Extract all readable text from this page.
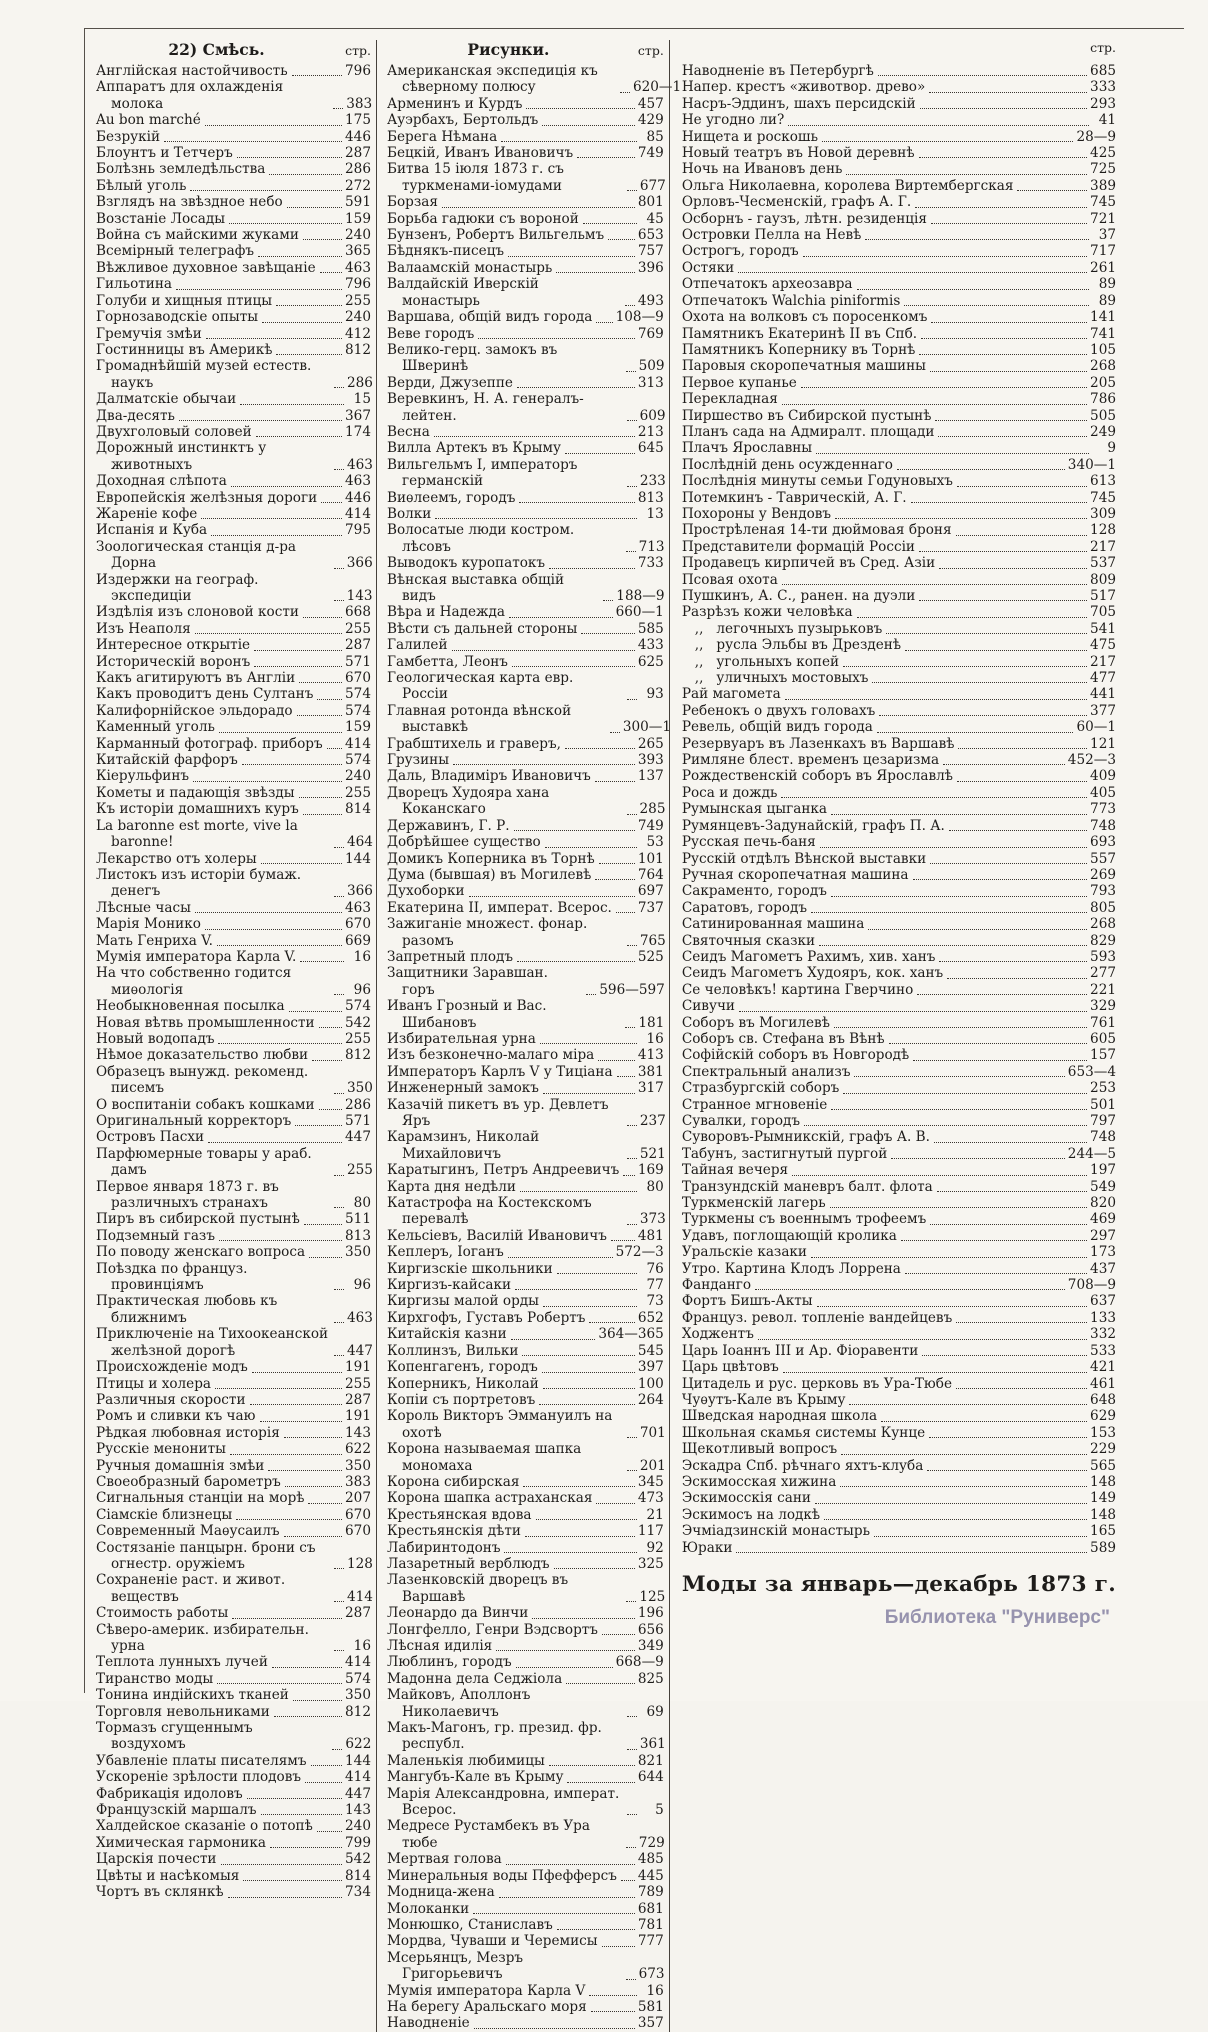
22) Смѣсь.	стр.
Англійская настойчивость	796
Аппаратъ для охлажденія молока	383
Au bon marché	175
Безрукій	446
Блоунтъ и Тетчеръ	287
Болѣзнь земледѣльства	286
Бѣлый уголь	272
Взглядъ на звѣздное небо	591
Возстаніе Лосады	159
Война съ майскими жуками	240
Всемірный телеграфъ	365
Вѣжливое духовное завѣщаніе 463
Гильотина	796
Голуби и хищныя птицы	255
Горнозаводскіе опыты	240
Гремучія змѣи	412
Гостинницы въ Америкѣ	812
Громаднѣйшій музей естеств. наукъ	286
Далматскіе обычаи	15
Два-десять	367
Двухголовый соловей	174
Дорожный инстинктъ у животныхъ	463
Доходная слѣпота	463
Европейскія желѣзныя дороги 446
Жареніе кофе	414
Испанія и Куба	795
Зоологическая станція д-ра Дорна	366
Издержки на географ. экспедиціи	143
Издѣлія изъ слоновой кости	668
Изъ Неаполя	255
Интересное открытіе	287
Историческій воронъ	571
Какъ агитируютъ въ Англіи	670
Какъ проводитъ день Султанъ 574
Калифорнійское эльдорадо	574
Каменный уголь	159
Карманный фотограф. приборъ 414
Китайскій фарфоръ	574
Кіерульфинъ	240
Кометы и падающія звѣзды	255
Къ исторіи домашнихъ куръ	814
La baronne est morte, vive la baronne!	464
Лекарство отъ холеры	144
Листокъ изъ исторіи бумаж. денегъ	366
Лѣсные часы	463
Марія Монико	670
Мать Генриха V.	669
Мумія императора Карла V.	16
На что собственно годится миѳологія	96
Необыкновенная посылка	574
Новая вѣтвь промышленности 542
Новый водопадъ	255
Нѣмое доказательство любви	812
Образецъ вынужд. рекоменд. писемъ	350
О воспитаніи собакъ кошками 286
Оригинальный корректоръ	571
Островъ Пасхи	447
Парфюмерные товары у араб. дамъ	255
Первое января 1873 г. въ различныхъ странахъ	80
Пиръ въ сибирской пустынѣ	511
Подземный газъ	813
По поводу женскаго вопроса	350
Поѣздка по француз. провинціямъ	96
Практическая любовь къ ближнимъ	463
Приключеніе на Тихоокеанской желѣзной дорогѣ	447
Происхожденіе модъ	191
Птицы и холера	255
Различныя скорости	287
Ромъ и сливки къ чаю	191
Рѣдкая любовная исторія	143
Русскіе менониты	622
Ручныя домашнія змѣи	350
Своеобразный барометръ	383
Сигнальныя станціи на морѣ	207
Сіамскіе близнецы	670
Современный Маѳусаилъ	670
Состязаніе панцырн. брони съ огнестр. оружіемъ	128
Сохраненіе раст. и живот. веществъ	414
Стоимость работы	287
Сѣверо-америк. избирательн. урна	16
Теплота лунныхъ лучей	414
Тиранство моды	574
Тонина индійскихъ тканей	350
Торговля невольниками	812
Тормазъ сгущеннымъ воздухомъ	622
Убавленіе платы писателямъ	144
Ускореніе зрѣлости плодовъ	414
Фабрикація идоловъ	447
Французскій маршалъ	143
Халдейское сказаніе о потопѣ 240
Химическая гармоника	799
Царскія почести	542
Цвѣты и насѣкомыя	814
Чортъ въ склянкѣ	734
Рисунки.	стр.
Американская экспедиція къ сѣверному полюсу	620—1
Арменинъ и Курдъ	457
Ауэрбахъ, Бертольдъ	429
Берега Нѣмана	85
Бецкій, Иванъ Ивановичъ	749
Битва 15 іюля 1873 г. съ туркменами-іомудами	677
Борзая	801
Борьба гадюки съ вороной	45
Бунзенъ, Робертъ Вильгельмъ 653
Бѣднякъ-писецъ	757
Валаамскій монастырь	396
Валдайскій Иверскій монастырь	493
Варшава, общій видъ города 108—9
Веве городъ	769
Велико-герц. замокъ въ Шверинѣ	509
Верди, Джузеппе	313
Веревкинъ, Н. А. генералъ-лейтен.	609
Весна	213
Вилла Артекъ въ Крыму	645
Вильгельмъ I, императоръ германскій	233
Виѳлеемъ, городъ	813
Волки	13
Волосатые люди костром. лѣсовъ	713
Выводокъ куропатокъ	733
Вѣнская выставка общій видъ	188—9
Вѣра и Надежда	660—1
Вѣсти съ дальней стороны	585
Галилей	433
Гамбетта, Леонъ	625
Геологическая карта евр. Россіи	93
Главная ротонда вѣнской выставкѣ	300—1
Грабштихель и граверъ,	265
Грузины	393
Даль, Владиміръ Ивановичъ	137
Дворецъ Худояра хана Коканскаго	285
Державинъ, Г. Р.	749
Добрѣйшее существо	53
Домикъ Коперника въ Торнѣ	101
Дума (бывшая) въ Могилевѣ	764
Духоборки	697
Екатерина II, императ. Всерос. 737
Зажиганіе множест. фонар. разомъ	765
Запретный плодъ	525
Защитники Заравшан. горъ	596—597
Иванъ Грозный и Вас. Шибановъ	181
Избирательная урна	16
Изъ безконечно-малаго міра	413
Императоръ Карлъ V у Тиціана 381
Инженерный замокъ	317
Казачій пикетъ въ ур. Девлетъ Яръ	237
Карамзинъ, Николай Михайловичъ	521
Каратыгинъ, Петръ Андреевичъ 169
Карта дня недѣли	80
Катастрофа на Костекскомъ перевалѣ	373
Кельсіевъ, Василій Ивановичъ 481
Кеплеръ, Іоганъ	572—3
Киргизскіе школьники	76
Киргизъ-кайсаки	77
Киргизы малой орды	73
Кирхгофъ, Густавъ Робертъ	652
Китайскія казни	364—365
Коллинзъ, Вильки	545
Копенгагенъ, городъ	397
Коперникъ, Николай	100
Копіи съ портретовъ	264
Король Викторъ Эммануилъ на охотѣ	701
Корона называемая шапка мономаха	201
Корона сибирская	345
Корона шапка астраханская	473
Крестьянская вдова	21
Крестьянскія дѣти	117
Лабиринтодонъ	92
Лазаретный верблюдъ	325
Лазенковскій дворецъ въ Варшавѣ	125
Леонардо да Винчи	196
Лонгфелло, Генри Вэдсвортъ	656
Лѣсная идилія	349
Люблинъ, городъ	668—9
Мадонна дела Седжіола	825
Майковъ, Аполлонъ Николаевичъ	69
Макъ-Магонъ, гр. презид. фр. республ.	361
Маленькія любимицы	821
Мангубъ-Кале въ Крыму	644
Марія Александровна, императ. Всерос.	5
Медресе Рустамбекъ въ Ура тюбе	729
Мертвая голова	485
Минеральныя воды Пфефферсъ 445
Модница-жена	789
Молоканки	681
Монюшко, Станиславъ	781
Мордва, Чуваши и Черемисы	777
Мсерьянцъ, Мезръ Григорьевичъ	673
Мумія императора Карла V	16
На берегу Аральскаго моря	581
Наводненіе	357
стр.
Наводненіе въ Петербургѣ	685
Напер. крестъ «животвор. древо»	333
Насръ-Эддинъ, шахъ персидскій	293
Не угодно ли?	41
Нищета и роскошь	28—9
Новый театръ въ Новой деревнѣ	425
Ночь на Ивановъ день	725
Ольга Николаевна, королева Виртембергская	389
Орловъ-Чесменскій, графъ А. Г.	745
Осборнъ - гаузъ, лѣтн. резиденція	721
Островки Пелла на Невѣ	37
Острогъ, городъ	717
Остяки	261
Отпечатокъ археозавра	89
Отпечатокъ Walchia piniformis	89
Охота на волковъ съ поросенкомъ	141
Памятникъ Екатеринѣ II въ Спб.	741
Памятникъ Копернику въ Торнѣ	105
Паровыя скоропечатныя машины	268
Первое купанье	205
Перекладная	786
Пиршество въ Сибирской пустынѣ	505
Планъ сада на Адмиралт. площади	249
Плачъ Ярославны	9
Послѣдній день осужденнаго	340—1
Послѣднія минуты семьи Годуновыхъ	613
Потемкинъ - Таврическій, А. Г.	745
Похороны у Вендовъ	309
Прострѣленая 14-ти дюймовая броня	128
Представители формацій Россіи	217
Продавецъ кирпичей въ Сред. Азіи	537
Псовая охота	809
Пушкинъ, А. С., ранен. на дуэли	517
Разрѣзъ кожи человѣка	705
,,   легочныхъ пузырьковъ	541
,,   русла Эльбы въ Дрезденѣ	475
,,   угольныхъ копей	217
,,   уличныхъ мостовыхъ	477
Рай магомета	441
Ребенокъ о двухъ головахъ	377
Ревель, общій видъ города	60—1
Резервуаръ въ Лазенкахъ въ Варшавѣ	121
Римляне блест. временъ цезаризма	452—3
Рождественскій соборъ въ Ярославлѣ	409
Роса и дождь	405
Румынская цыганка	773
Румянцевъ-Задунайскій, графъ П. А.	748
Русская печь-баня	693
Русскій отдѣлъ Вѣнской выставки	557
Ручная скоропечатная машина	269
Сакраменто, городъ	793
Саратовъ, городъ	805
Сатинированная машина	268
Святочныя сказки	829
Сеидъ Магометъ Рахимъ, хив. ханъ	593
Сеидъ Магометъ Худояръ, кок. ханъ	277
Се человѣкъ! картина Гверчино	221
Сивучи	329
Соборъ въ Могилевѣ	761
Соборъ св. Стефана въ Вѣнѣ	605
Софійскій соборъ въ Новгородѣ	157
Спектральный анализъ	653—4
Стразбургскій соборъ	253
Странное мгновеніе	501
Сувалки, городъ	797
Суворовъ-Рымникскій, графъ А. В.	748
Табунъ, застигнутый пургой	244—5
Тайная вечеря	197
Транзундскій маневръ балт. флота	549
Туркменскій лагерь	820
Туркмены съ военнымъ трофеемъ	469
Удавъ, поглощающій кролика	297
Уральскіе казаки	173
Утро. Картина Клодъ Лоррена	437
Фанданго	708—9
Фортъ Бишъ-Акты	637
Француз. револ. топленіе вандейцевъ	133
Ходжентъ	332
Царь Іоаннъ III и Ар. Фіоравенти	533
Царь цвѣтовъ	421
Цитадель и рус. церковь въ Ура-Тюбе	461
Чуѳутъ-Кале въ Крыму	648
Шведская народная школа	629
Школьная скамья системы Кунце	153
Щекотливый вопросъ	229
Эскадра Спб. рѣчнаго яхтъ-клуба	565
Эскимосская хижина	148
Эскимосскія сани	149
Эскимосъ на лодкѣ	148
Эчміадзинскій монастырь	165
Юраки	589
Моды за январь—декабрь 1873 г.
Библиотека "Руниверс"
